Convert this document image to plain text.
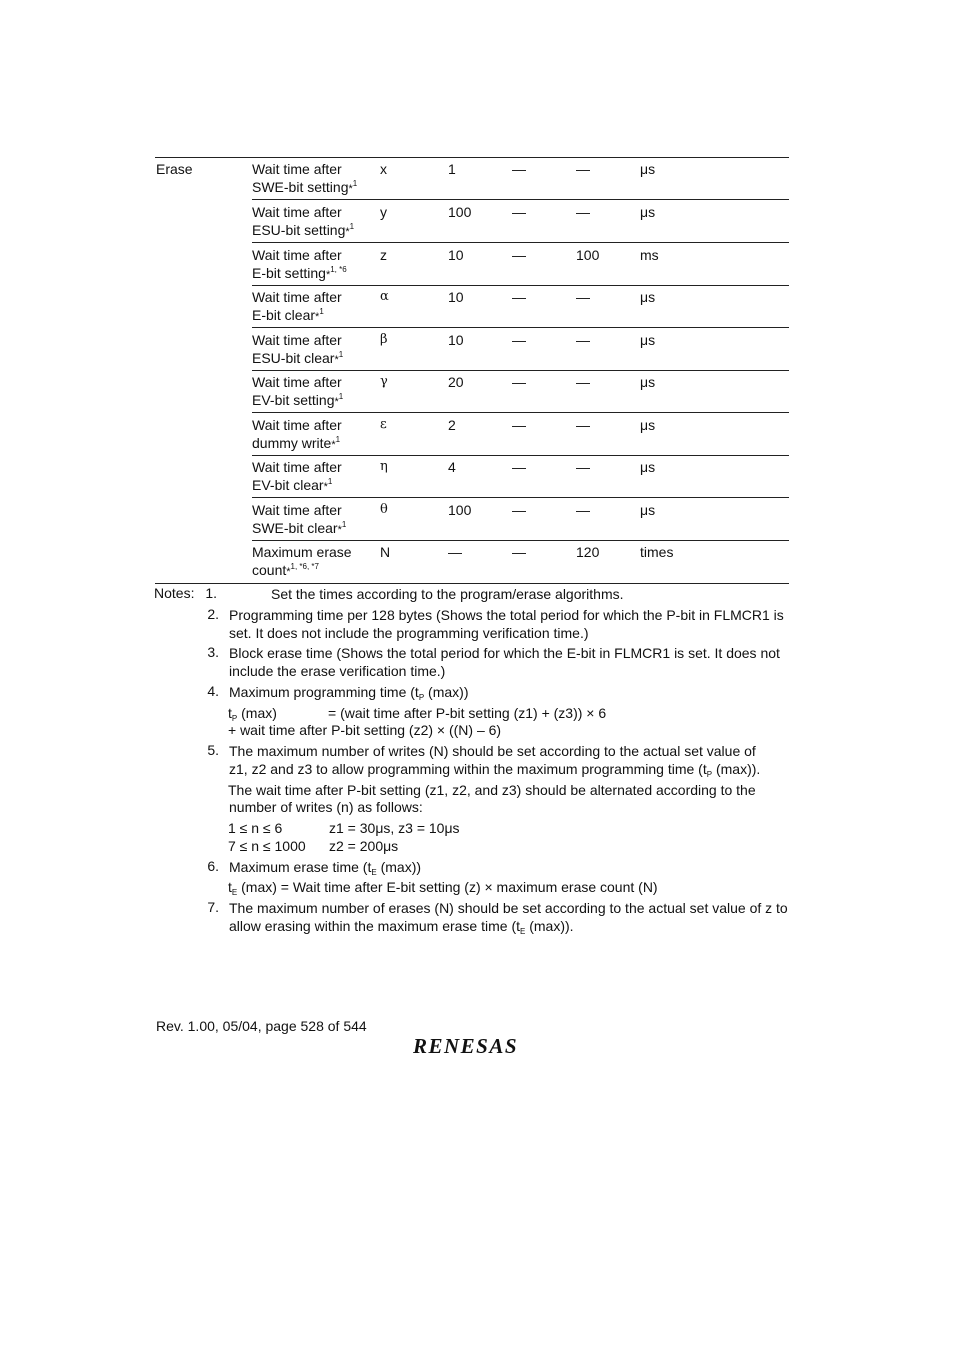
Erase	Wait time after
SWE-bit setting*$^1$
x	1	—	—	μs
Wait time after
ESU-bit setting*$^1$
y	100	—	—	μs
Wait time after
E-bit setting*$^{1, *6}$
z	10	—	100	ms
Wait time after
E-bit clear*$^1$
α	10	—	—	μs
Wait time after
ESU-bit clear*$^1$
β	10	—	—	μs
Wait time after
EV-bit setting*$^1$
γ	20	—	—	μs
Wait time after
dummy write*$^1$
ε	2	—	—	μs
Wait time after
EV-bit clear*$^1$
η	4	—	—	μs
Wait time after
SWE-bit clear*$^1$
θ	100	—	—	μs
Maximum erase
count*$^{1, *6, *7}$
N	—	—	120	times
Notes: 1.	Set the times according to the program/erase algorithms.
2. Programming time per 128 bytes (Shows the total period for which the P-bit in FLMCR1 is set. It does not include the programming verification time.)
3. Block erase time (Shows the total period for which the E-bit in FLMCR1 is set. It does not include the erase verification time.)
4. Maximum programming time ($t_P$ (max))
$t_P$ (max)	= (wait time after P-bit setting (z1) + (z3)) × 6
+ wait time after P-bit setting (z2) × ((N) – 6)
5. The maximum number of writes (N) should be set according to the actual set value of
z1, z2 and z3 to allow programming within the maximum programming time ($t_P$ (max)).
The wait time after P-bit setting (z1, z2, and z3) should be alternated according to the
number of writes (n) as follows:
1 ≤ n ≤ 6	z1 = 30μs, z3 = 10μs
7 ≤ n ≤ 1000 z2 = 200μs
6. Maximum erase time ($t_E$ (max))
$t_E$ (max) = Wait time after E-bit setting (z) × maximum erase count (N)
7. The maximum number of erases (N) should be set according to the actual set value of z to allow erasing within the maximum erase time ($t_E$ (max)).
Rev. 1.00, 05/04, page 528 of 544
RENESAS
